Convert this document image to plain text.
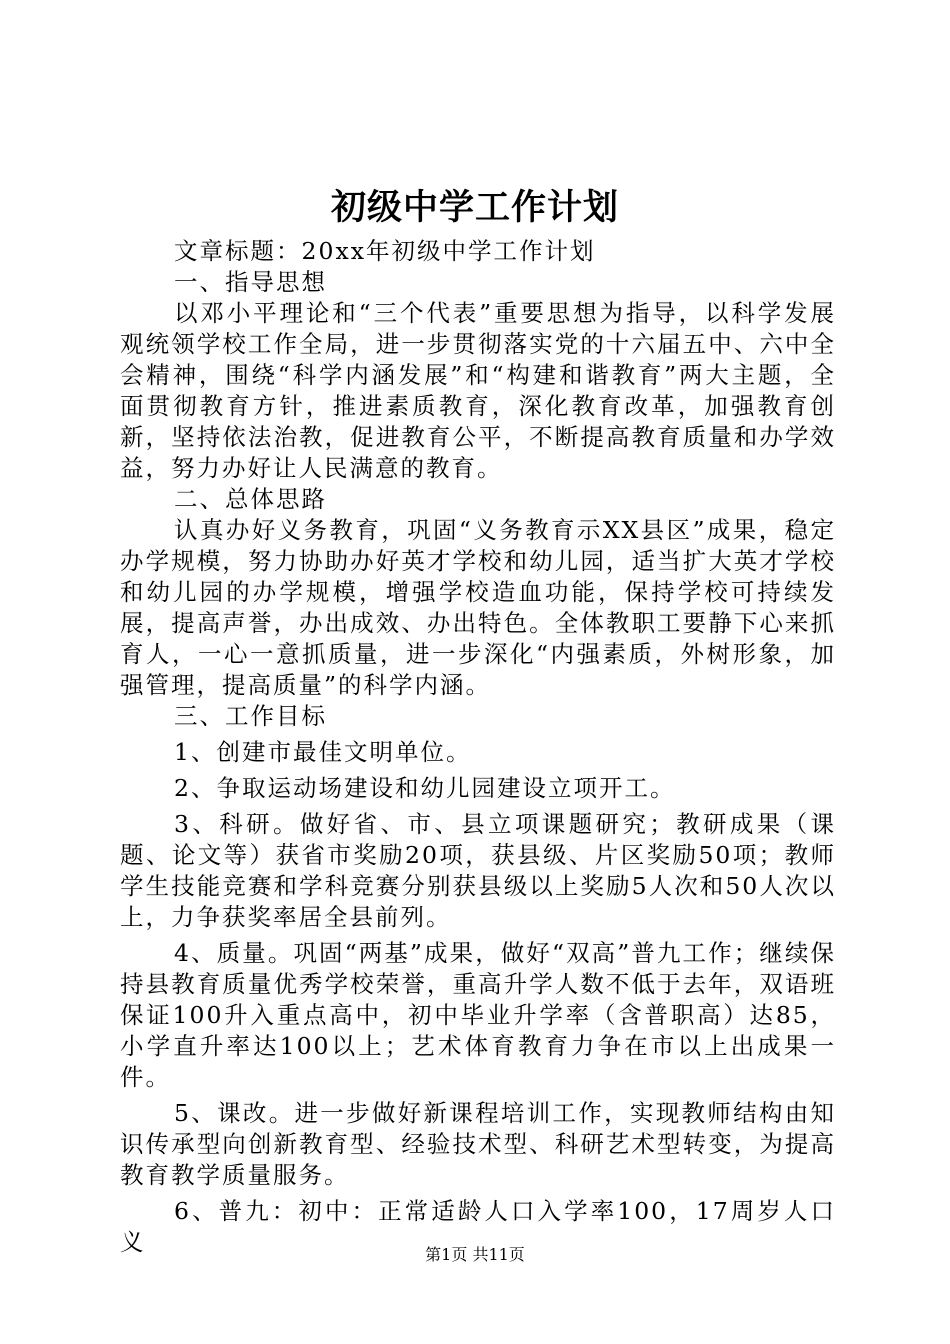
初级中学工作计划

文章标题：20xx年初级中学工作计划

一、指导思想

以邓小平理论和“三个代表”重要思想为指导，以科学发展观统领学校工作全局，进一步贯彻落实党的十六届五中、六中全会精神，围绕“科学内涵发展”和“构建和谐教育”两大主题，全面贯彻教育方针，推进素质教育，深化教育改革，加强教育创新，坚持依法治教，促进教育公平，不断提高教育质量和办学效益，努力办好让人民满意的教育。

二、总体思路

认真办好义务教育，巩固“义务教育示XX县区”成果，稳定办学规模，努力协助办好英才学校和幼儿园，适当扩大英才学校和幼儿园的办学规模，增强学校造血功能，保持学校可持续发展，提高声誉，办出成效、办出特色。全体教职工要静下心来抓育人，一心一意抓质量，进一步深化“内强素质，外树形象，加强管理，提高质量”的科学内涵。

三、工作目标

1、创建市最佳文明单位。

2、争取运动场建设和幼儿园建设立项开工。

3、科研。做好省、市、县立项课题研究；教研成果（课题、论文等）获省市奖励20项，获县级、片区奖励50项；教师学生技能竞赛和学科竞赛分别获县级以上奖励5人次和50人次以上，力争获奖率居全县前列。

4、质量。巩固“两基”成果，做好“双高”普九工作；继续保持县教育质量优秀学校荣誉，重高升学人数不低于去年，双语班保证100升入重点高中，初中毕业升学率（含普职高）达85，小学直升率达100以上；艺术体育教育力争在市以上出成果一件。

5、课改。进一步做好新课程培训工作，实现教师结构由知识传承型向创新教育型、经验技术型、科研艺术型转变，为提高教育教学质量服务。

6、普九：初中：正常适龄人口入学率100，17周岁人口义	第1页 共11页
